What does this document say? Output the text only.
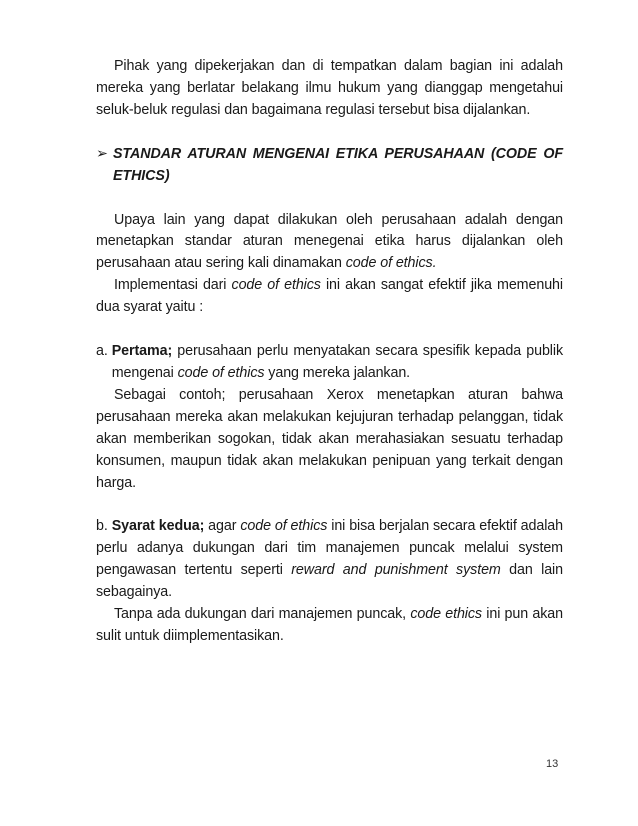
Pihak yang dipekerjakan dan di tempatkan dalam bagian ini adalah mereka yang berlatar belakang ilmu hukum yang dianggap mengetahui seluk-beluk regulasi dan bagaimana regulasi tersebut bisa dijalankan.

➢ STANDAR ATURAN MENGENAI ETIKA PERUSAHAAN (CODE OF ETHICS)

Upaya lain yang dapat dilakukan oleh perusahaan adalah dengan menetapkan standar aturan menegenai etika harus dijalankan oleh perusahaan atau sering kali dinamakan code of ethics.

Implementasi dari code of ethics ini akan sangat efektif jika memenuhi dua syarat yaitu :

a. Pertama; perusahaan perlu menyatakan secara spesifik kepada publik mengenai code of ethics yang mereka jalankan.

Sebagai contoh; perusahaan Xerox menetapkan aturan bahwa perusahaan mereka akan melakukan kejujuran terhadap pelanggan, tidak akan memberikan sogokan, tidak akan merahasiakan sesuatu terhadap konsumen, maupun tidak akan melakukan penipuan yang terkait dengan harga.

b. Syarat kedua; agar code of ethics ini bisa berjalan secara efektif adalah perlu adanya dukungan dari tim manajemen puncak melalui system pengawasan tertentu seperti reward and punishment system dan lain sebagainya.

Tanpa ada dukungan dari manajemen puncak, code ethics ini pun akan sulit untuk diimplementasikan.

13
